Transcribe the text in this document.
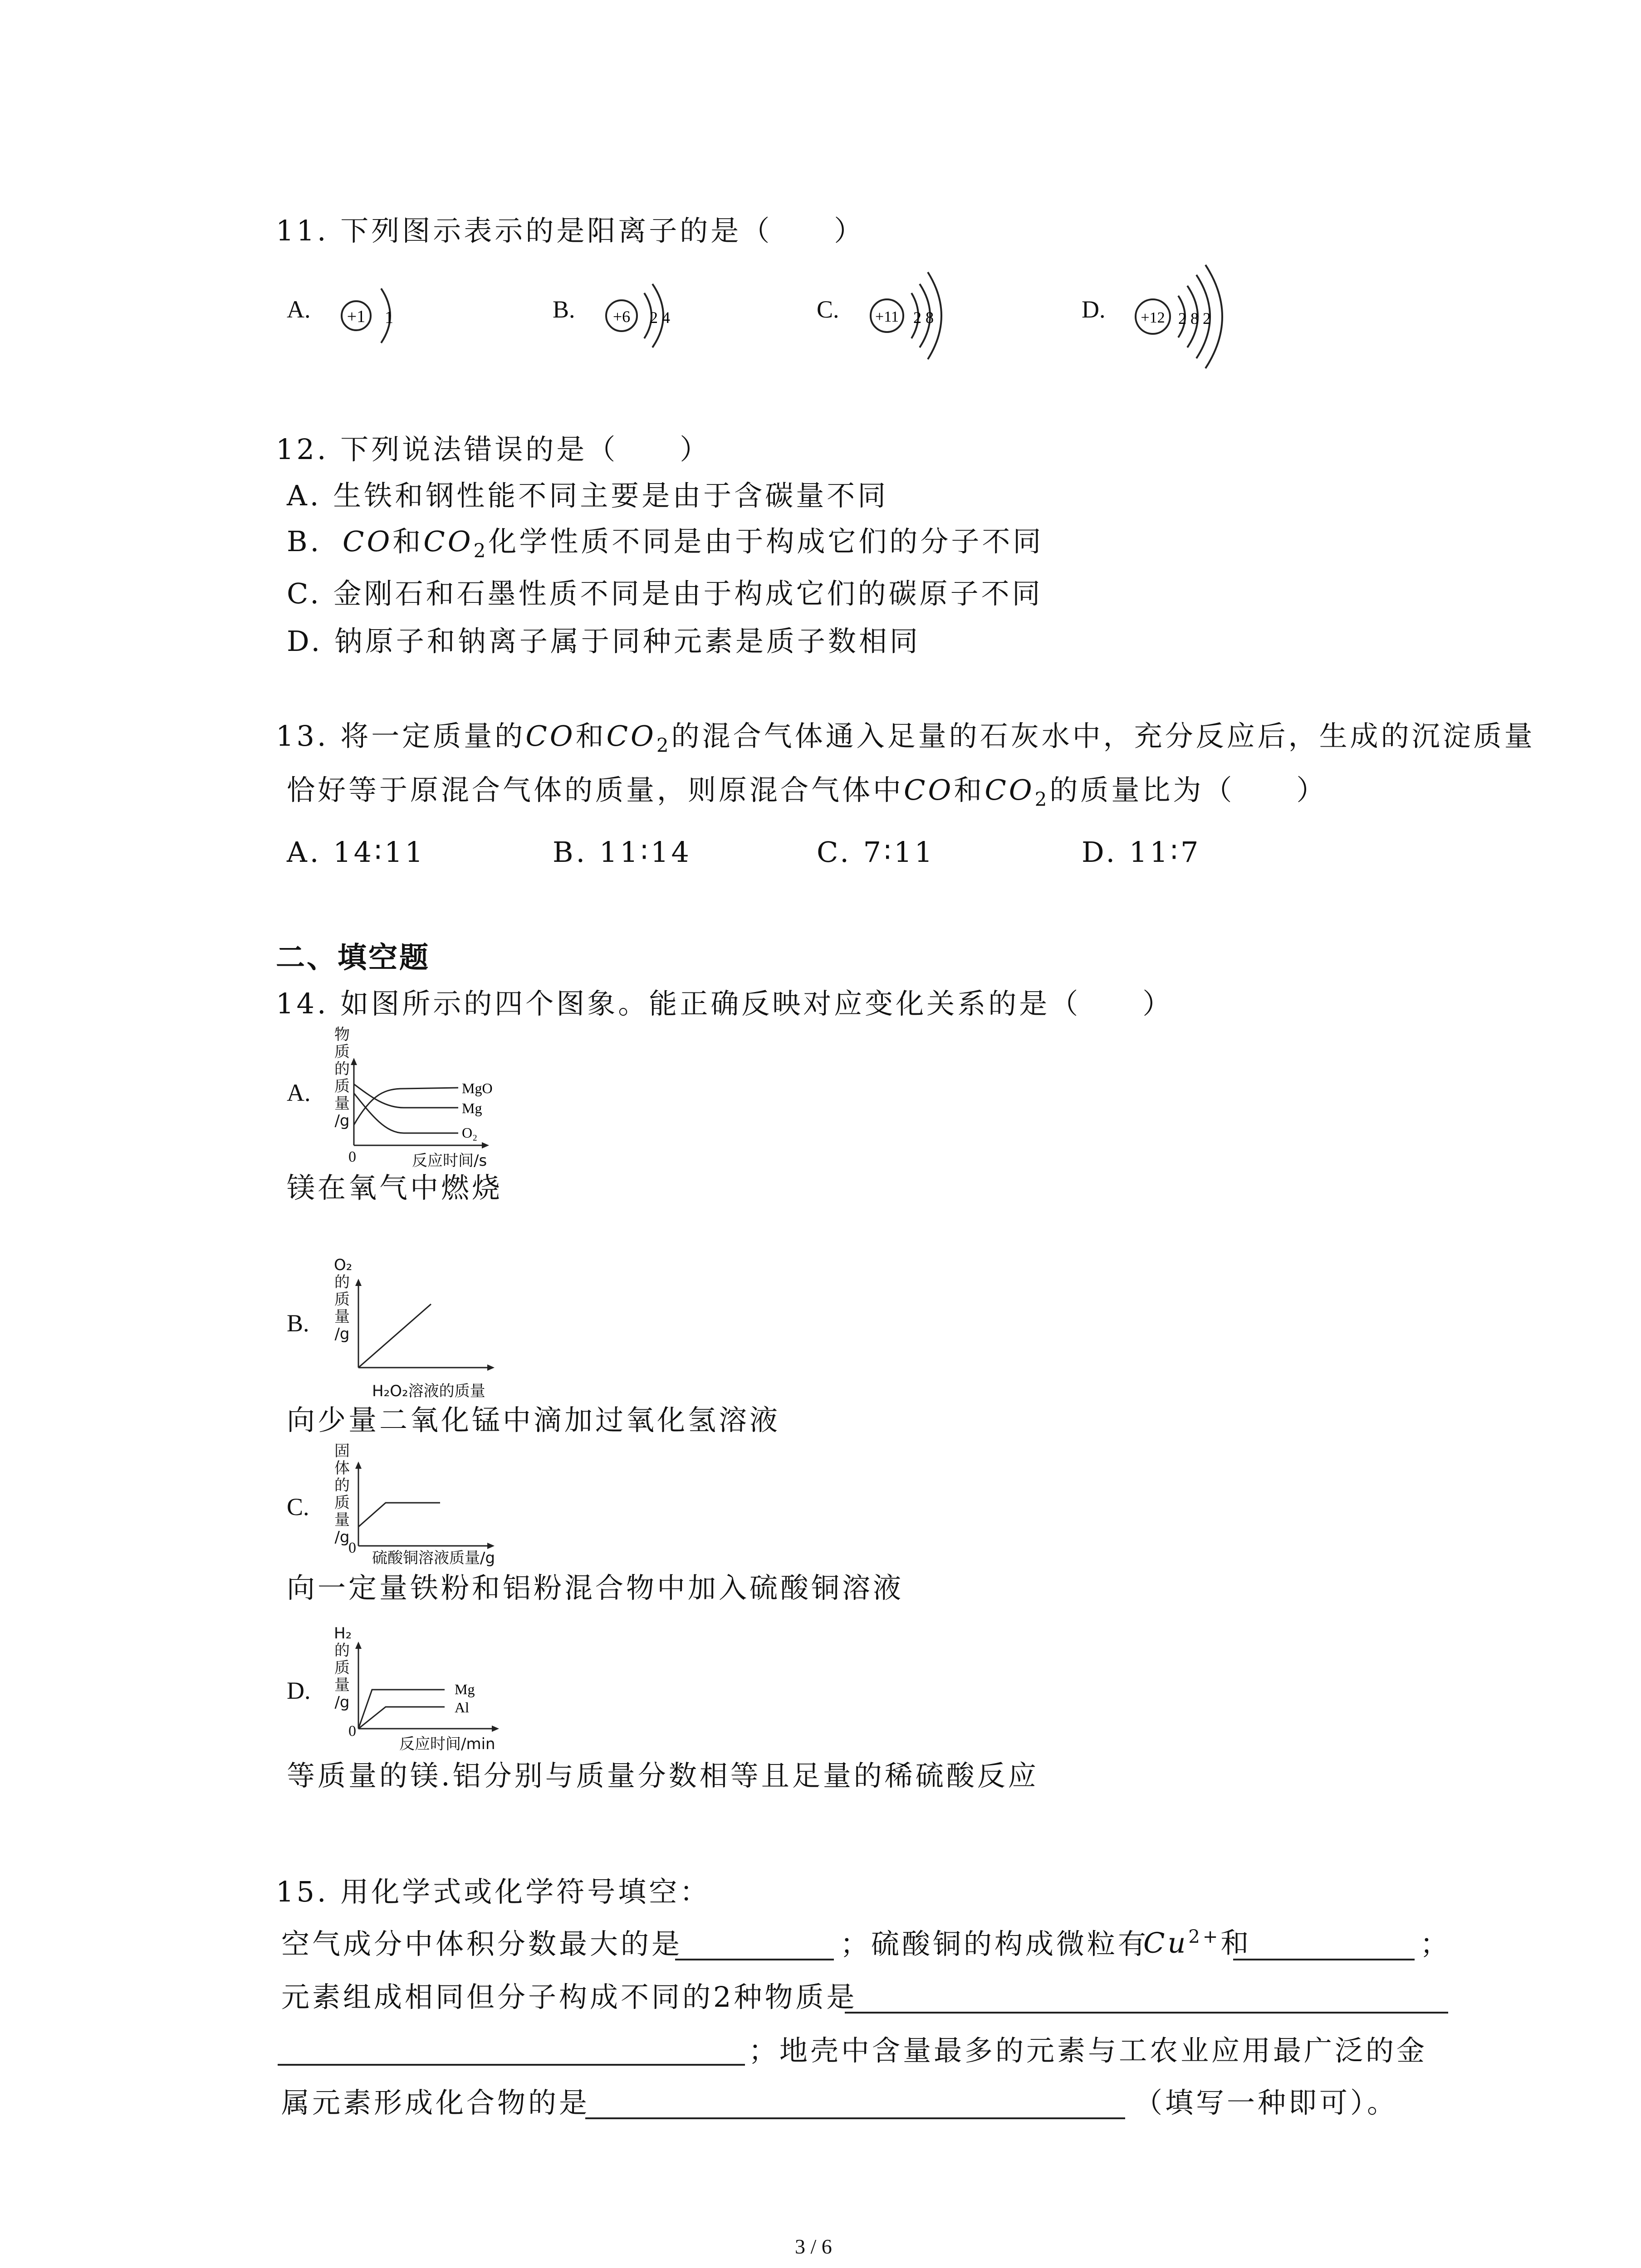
11. 下列图示表示的是阳离子的是（　　）
A. +1 1	B. +6 2 4	C. +11 2 8	D. +12 2 8 2
12. 下列说法错误的是（　　）
A. 生铁和钢性能不同主要是由于含碳量不同
B. CO和$CO_2$化学性质不同是由于构成它们的分子不同
C. 金刚石和石墨性质不同是由于构成它们的碳原子不同
D. 钠原子和钠离子属于同种元素是质子数相同
13. 将一定质量的CO和$CO_2$的混合气体通入足量的石灰水中，充分反应后，生成的沉淀质量
恰好等于原混合气体的质量，则原混合气体中CO和$CO_2$的质量比为（　　）
A. 14∶11	B. 11∶14	C. 7∶11	D. 11∶7
二、填空题
14. 如图所示的四个图象。能正确反映对应变化关系的是（　　）
A.
物
质
的
质
量
/g
MgO
Mg
O₂
0	反应时间/s
镁在氧气中燃烧
B.
O₂
的
质
量
/g
H₂O₂溶液的质量
向少量二氧化锰中滴加过氧化氢溶液
C.
固
体
的
质
量
/g
0
硫酸铜溶液质量/g
向一定量铁粉和铝粉混合物中加入硫酸铜溶液
D.
H₂
的
质
量
/g
Mg
Al
0
反应时间/min
等质量的镁.铝分别与质量分数相等且足量的稀硫酸反应
15. 用化学式或化学符号填空：
空气成分中体积分数最大的是	；硫酸铜的构成微粒有
$Cu^{2+}$和	；
元素组成相同但分子构成不同的2种物质是
；地壳中含量最多的元素与工农业应用最广泛的金
属元素形成化合物的是	（填写一种即可）。
3 / 6
